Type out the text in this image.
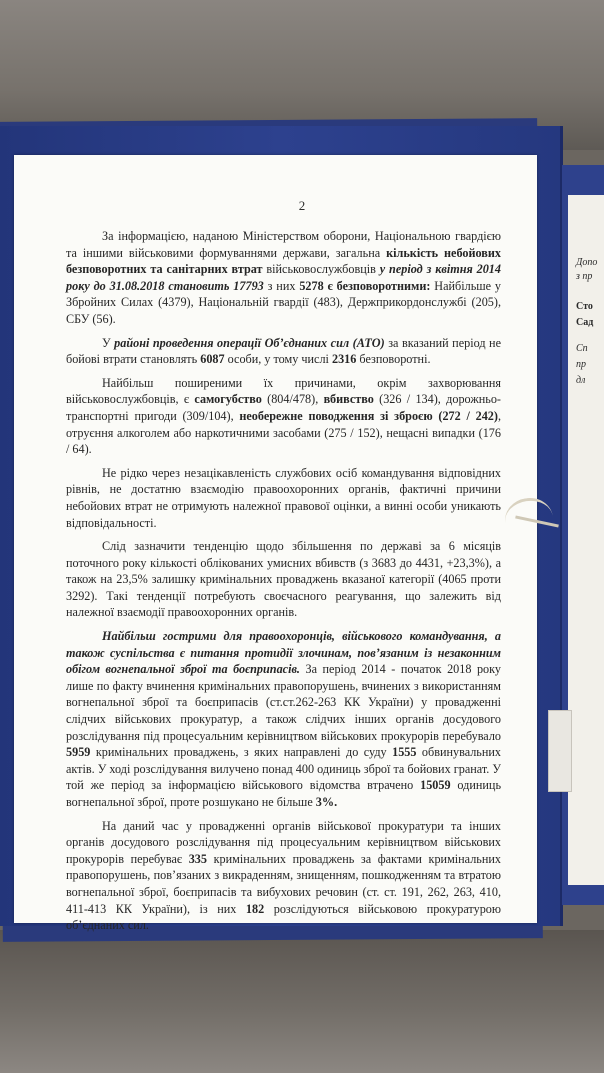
Допо
з пр
Сто
Сад
Сп
пр
дл
2

За інформацією, наданою Міністерством оборони, Національною гвардією та іншими військовими формуваннями держави, загальна кількість небойових безповоротних та санітарних втрат військовослужбовців у період з квітня 2014 року до 31.08.2018 становить 17793 з них 5278 є безповоротними: Найбільше у Збройних Силах (4379), Національній гвардії (483), Держприкордонслужбі (205), СБУ (56).

У районі проведення операції Об’єднаних сил (АТО) за вказаний період не бойові втрати становлять 6087 особи, у тому числі 2316 безповоротні.

Найбільш поширеними їх причинами, окрім захворювання військовослужбовців, є самогубство (804/478), вбивство (326 / 134), дорожньо-транспортні пригоди (309/104), необережне поводження зі зброєю (272 / 242), отруєння алкоголем або наркотичними засобами (275 / 152), нещасні випадки (176 / 64).

Не рідко через незацікавленість службових осіб командування відповідних рівнів, не достатню взаємодію правоохоронних органів, фактичні причини небойових втрат не отримують належної правової оцінки, а винні особи уникають відповідальності.

Слід зазначити тенденцію щодо збільшення по державі за 6 місяців поточного року кількості облікованих умисних вбивств (з 3683 до 4431, +23,3%), а також на 23,5% залишку кримінальних проваджень вказаної категорії (4065 проти 3292). Такі тенденції потребують своєчасного реагування, що залежить від належної взаємодії правоохоронних органів.

Найбільш гострими для правоохоронців, військового командування, а також суспільства є питання протидії злочинам, пов’язаним із незаконним обігом вогнепальної зброї та боєприпасів. За період 2014 - початок 2018 року лише по факту вчинення кримінальних правопорушень, вчинених з використанням вогнепальної зброї та боєприпасів (ст.ст.262-263 КК України) у провадженні слідчих військових прокуратур, а також слідчих інших органів досудового розслідування під процесуальним керівництвом військових прокурорів перебувало 5959 кримінальних проваджень, з яких направлені до суду 1555 обвинувальних актів. У ході розслідування вилучено понад 400 одиниць зброї та бойових гранат. У той же період за інформацією військового відомства втрачено 15059 одиниць вогнепальної зброї, проте розшукано не більше 3%.

На даний час у провадженні органів військової прокуратури та інших органів досудового розслідування під процесуальним керівництвом військових прокурорів перебуває 335 кримінальних проваджень за фактами кримінальних правопорушень, пов’язаних з викраденням, знищенням, пошкодженням та втратою вогнепальної зброї, боєприпасів та вибухових речовин (ст. ст. 191, 262, 263, 410, 411-413 КК України), із них 182 розслідуються військовою прокуратурою об’єднаних сил.
